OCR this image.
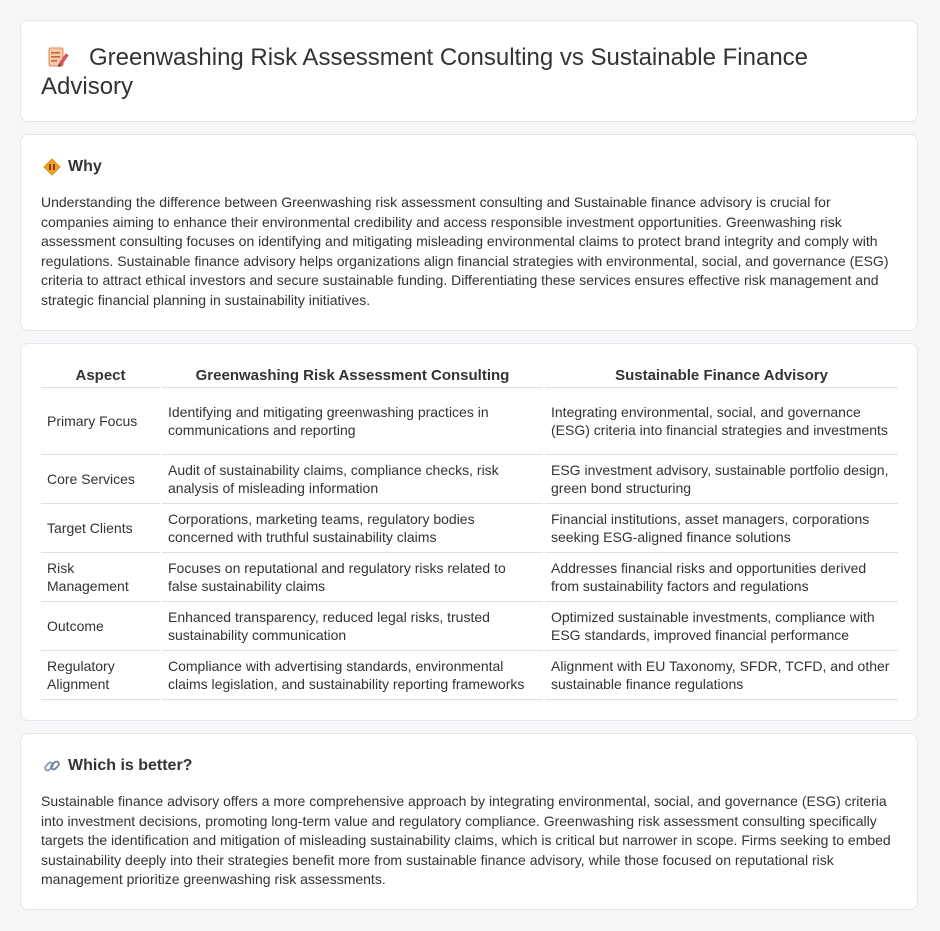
Greenwashing Risk Assessment Consulting vs Sustainable Finance Advisory
Why

Understanding the difference between Greenwashing risk assessment consulting and Sustainable finance advisory is crucial for companies aiming to enhance their environmental credibility and access responsible investment opportunities. Greenwashing risk assessment consulting focuses on identifying and mitigating misleading environmental claims to protect brand integrity and comply with regulations. Sustainable finance advisory helps organizations align financial strategies with environmental, social, and governance (ESG) criteria to attract ethical investors and secure sustainable funding. Differentiating these services ensures effective risk management and strategic financial planning in sustainability initiatives.

Aspect	Greenwashing Risk Assessment Consulting	Sustainable Finance Advisory
Primary Focus	Identifying and mitigating greenwashing practices in communications and reporting	Integrating environmental, social, and governance (ESG) criteria into financial strategies and investments
Core Services	Audit of sustainability claims, compliance checks, risk analysis of misleading information	ESG investment advisory, sustainable portfolio design, green bond structuring
Target Clients	Corporations, marketing teams, regulatory bodies concerned with truthful sustainability claims	Financial institutions, asset managers, corporations seeking ESG-aligned finance solutions
Risk Management	Focuses on reputational and regulatory risks related to false sustainability claims	Addresses financial risks and opportunities derived from sustainability factors and regulations
Outcome	Enhanced transparency, reduced legal risks, trusted sustainability communication	Optimized sustainable investments, compliance with ESG standards, improved financial performance
Regulatory Alignment	Compliance with advertising standards, environmental claims legislation, and sustainability reporting frameworks	Alignment with EU Taxonomy, SFDR, TCFD, and other sustainable finance regulations
Which is better?

Sustainable finance advisory offers a more comprehensive approach by integrating environmental, social, and governance (ESG) criteria into investment decisions, promoting long-term value and regulatory compliance. Greenwashing risk assessment consulting specifically targets the identification and mitigation of misleading sustainability claims, which is critical but narrower in scope. Firms seeking to embed sustainability deeply into their strategies benefit more from sustainable finance advisory, while those focused on reputational risk management prioritize greenwashing risk assessments.
